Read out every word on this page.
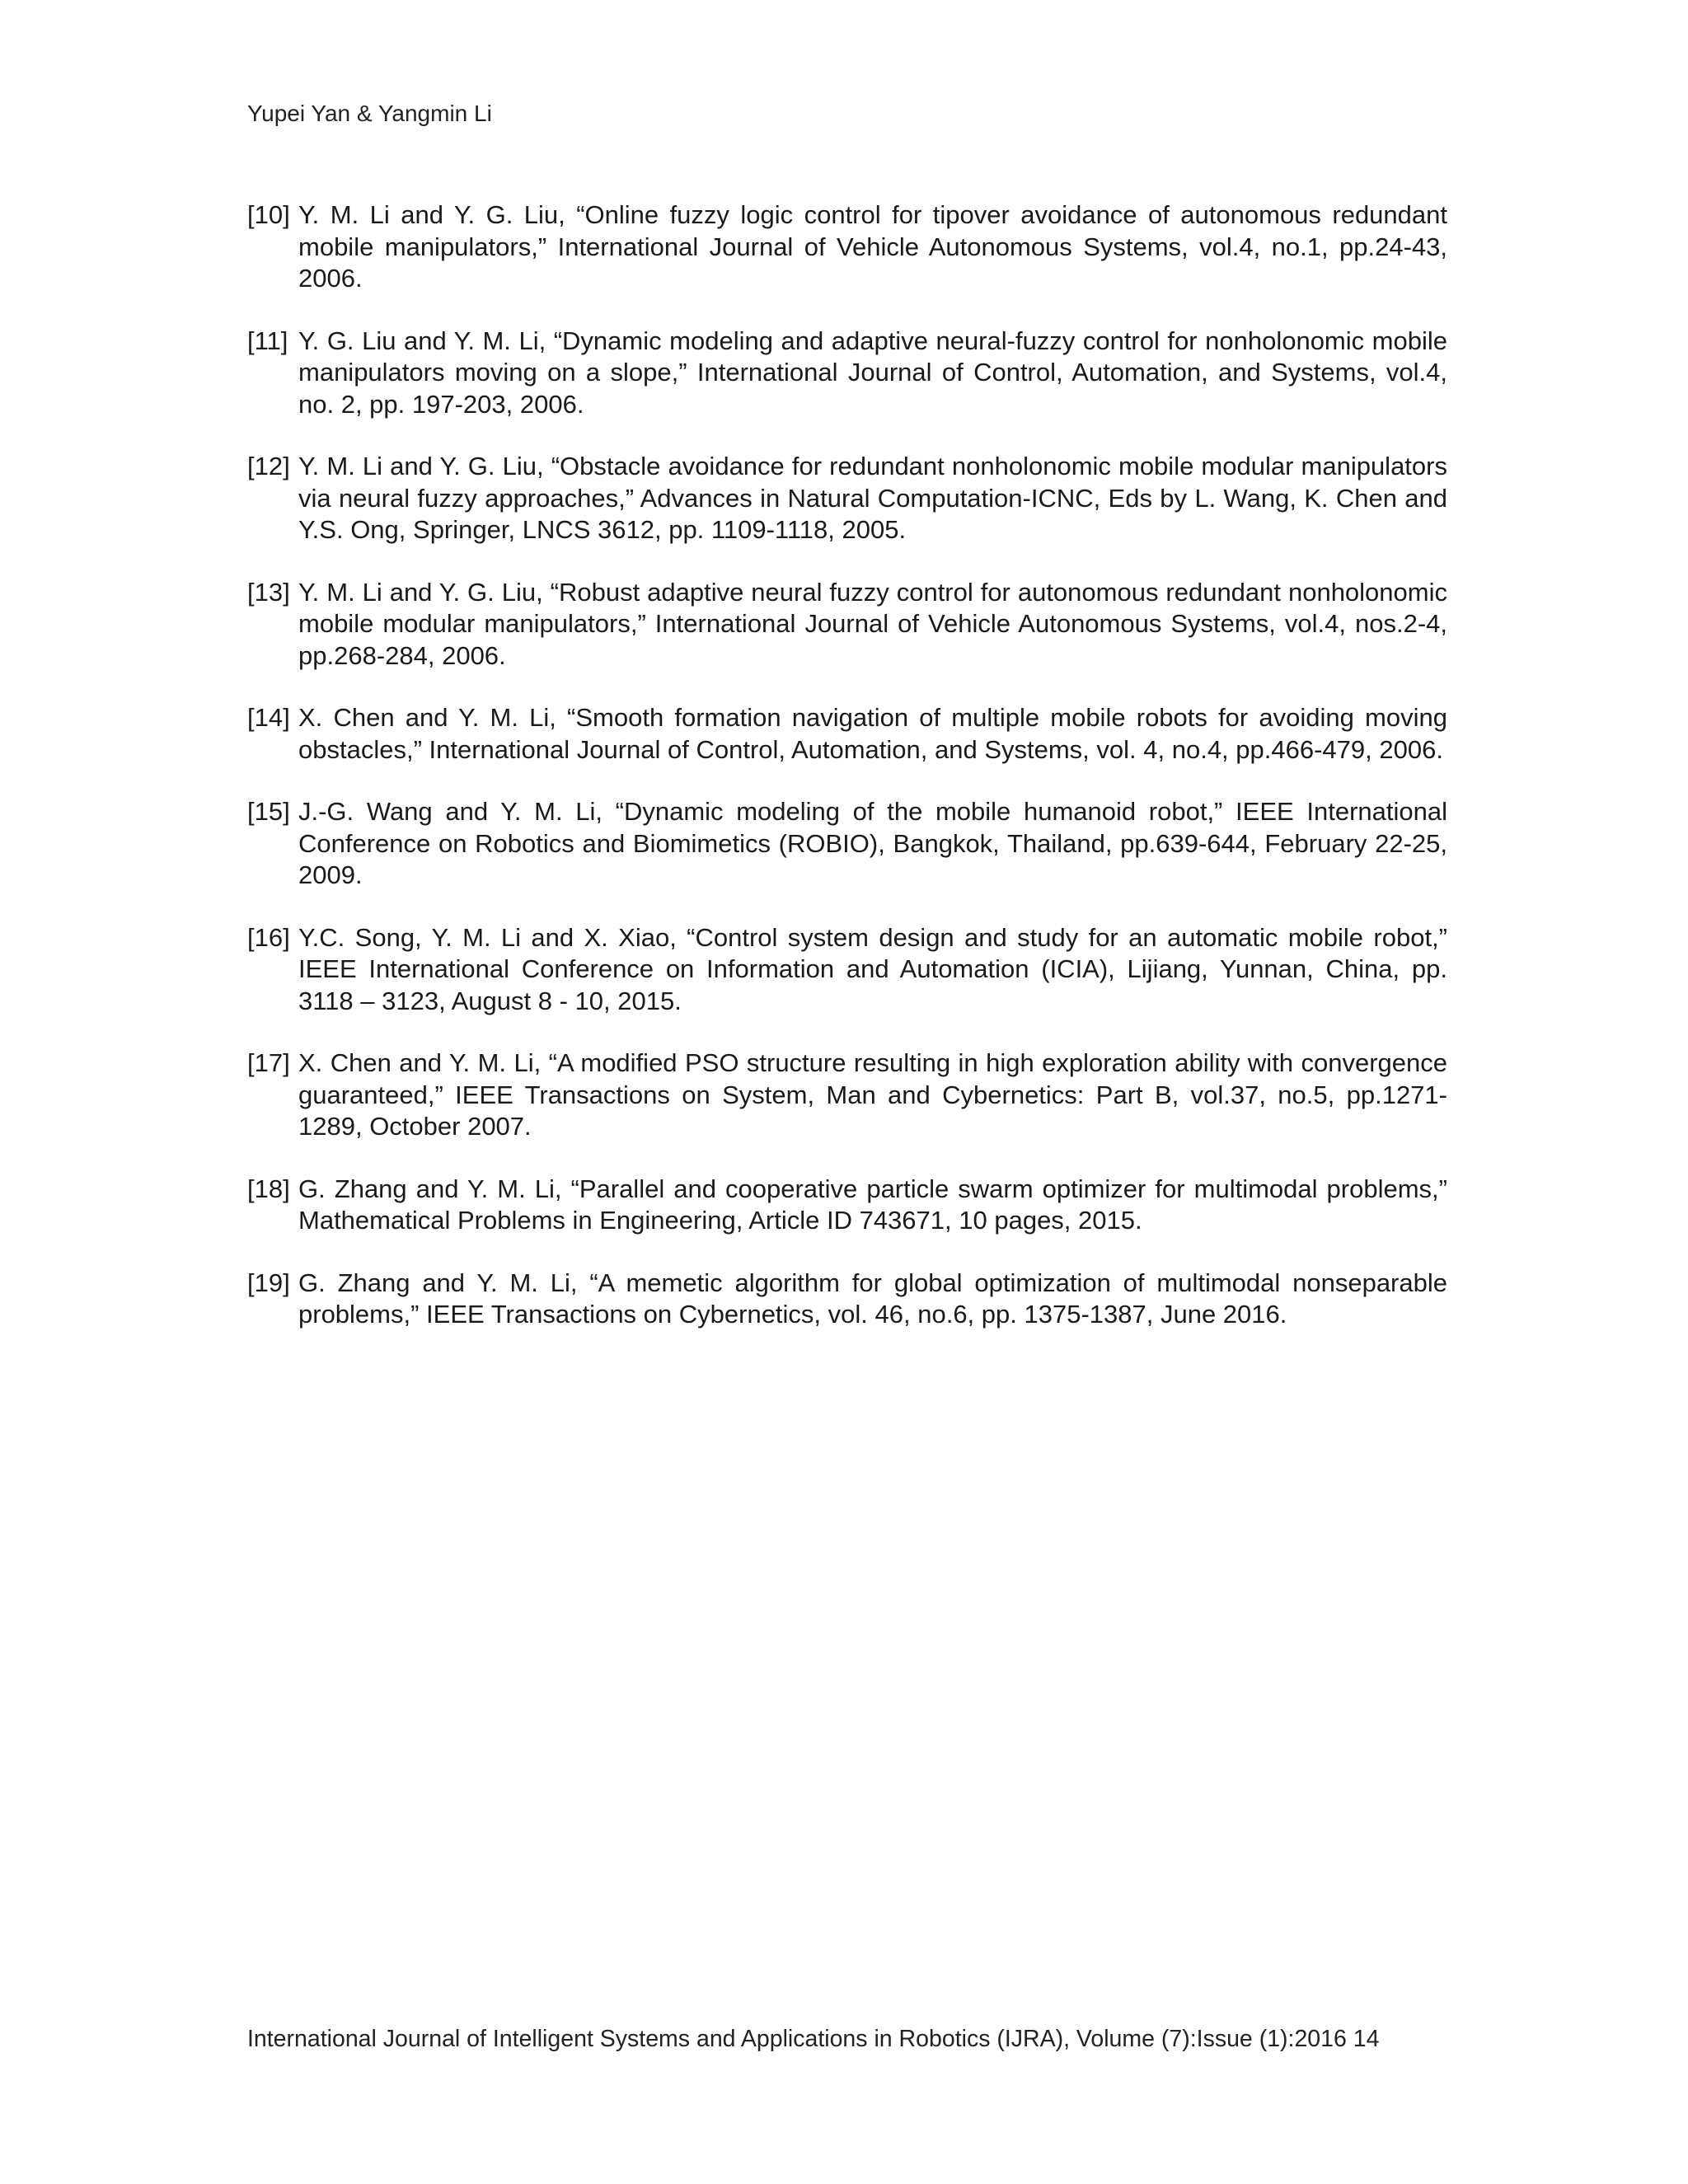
Yupei Yan & Yangmin Li
[10] Y. M. Li and Y. G. Liu, “Online fuzzy logic control for tipover avoidance of autonomous redundant mobile manipulators,” International Journal of Vehicle Autonomous Systems, vol.4, no.1, pp.24-43, 2006.
[11] Y. G. Liu and Y. M. Li, “Dynamic modeling and adaptive neural-fuzzy control for nonholonomic mobile manipulators moving on a slope,” International Journal of Control, Automation, and Systems, vol.4, no. 2, pp. 197-203, 2006.
[12] Y. M. Li and Y. G. Liu, “Obstacle avoidance for redundant nonholonomic mobile modular manipulators via neural fuzzy approaches,” Advances in Natural Computation-ICNC, Eds by L. Wang, K. Chen and Y.S. Ong, Springer, LNCS 3612, pp. 1109-1118, 2005.
[13] Y. M. Li and Y. G. Liu, “Robust adaptive neural fuzzy control for autonomous redundant nonholonomic mobile modular manipulators,” International Journal of Vehicle Autonomous Systems, vol.4, nos.2-4, pp.268-284, 2006.
[14] X. Chen and Y. M. Li, “Smooth formation navigation of multiple mobile robots for avoiding moving obstacles,” International Journal of Control, Automation, and Systems, vol. 4, no.4, pp.466-479, 2006.
[15] J.-G. Wang and Y. M. Li, “Dynamic modeling of the mobile humanoid robot,” IEEE International Conference on Robotics and Biomimetics (ROBIO), Bangkok, Thailand, pp.639-644, February 22-25, 2009.
[16] Y.C. Song, Y. M. Li and X. Xiao, “Control system design and study for an automatic mobile robot,” IEEE International Conference on Information and Automation (ICIA), Lijiang, Yunnan, China, pp. 3118 – 3123, August 8 - 10, 2015.
[17] X. Chen and Y. M. Li, “A modified PSO structure resulting in high exploration ability with convergence guaranteed,” IEEE Transactions on System, Man and Cybernetics: Part B, vol.37, no.5, pp.1271-1289, October 2007.
[18] G. Zhang and Y. M. Li, “Parallel and cooperative particle swarm optimizer for multimodal problems,” Mathematical Problems in Engineering, Article ID 743671, 10 pages, 2015.
[19] G. Zhang and Y. M. Li, “A memetic algorithm for global optimization of multimodal nonseparable problems,” IEEE Transactions on Cybernetics, vol. 46, no.6, pp. 1375-1387, June 2016.
International Journal of Intelligent Systems and Applications in Robotics (IJRA), Volume (7):Issue (1):2016 14
